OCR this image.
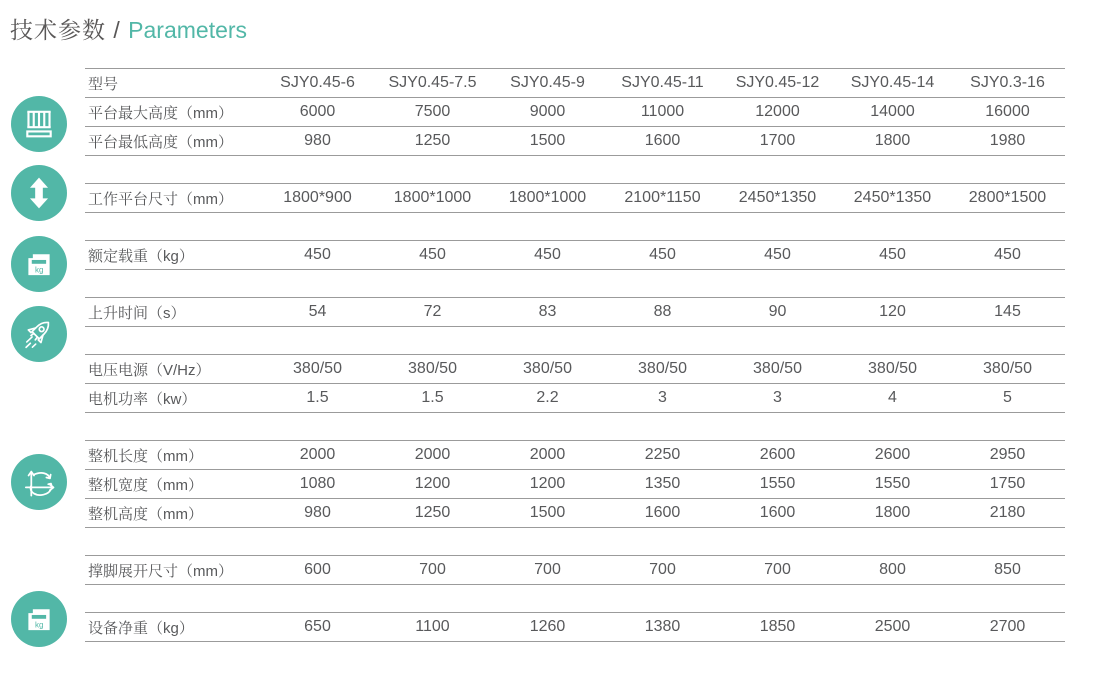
技术参数 / Parameters
kg
kg
型号	SJY0.45-6	SJY0.45-7.5	SJY0.45-9	SJY0.45-11	SJY0.45-12	SJY0.45-14	SJY0.3-16
平台最大高度（mm）	6000	7500	9000	11000	12000	14000	16000
平台最低高度（mm）	980	1250	1500	1600	1700	1800	1980
工作平台尺寸（mm）	1800*900	1800*1000	1800*1000	2100*1150	2450*1350	2450*1350	2800*1500
额定载重（kg）	450	450	450	450	450	450	450
上升时间（s）	54	72	83	88	90	120	145
电压电源（V/Hz）	380/50	380/50	380/50	380/50	380/50	380/50	380/50
电机功率（kw）	1.5	1.5	2.2	3	3	4	5
整机长度（mm）	2000	2000	2000	2250	2600	2600	2950
整机宽度（mm）	1080	1200	1200	1350	1550	1550	1750
整机高度（mm）	980	1250	1500	1600	1600	1800	2180
撑脚展开尺寸（mm）	600	700	700	700	700	800	850
设备净重（kg）	650	1100	1260	1380	1850	2500	2700
